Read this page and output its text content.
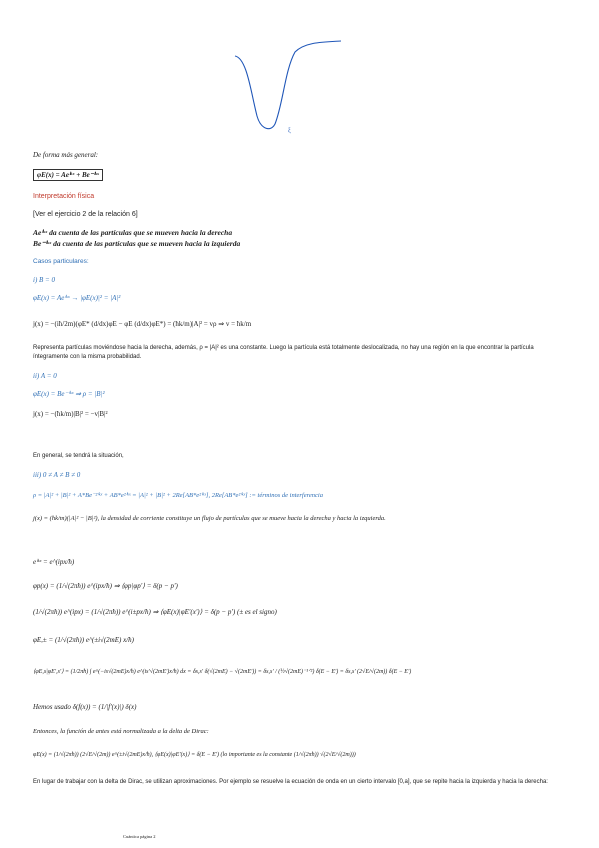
ξ
De forma más general:
φE(x) = Aeⁱᵏˣ + Be⁻ⁱᵏˣ
Interpretación física
[Ver el ejercicio 2 de la relación 6]
Aeⁱᵏˣ da cuenta de las partículas que se mueven hacia la derecha
Be⁻ⁱᵏˣ da cuenta de las partículas que se mueven hacia la izquierda
Casos particulares:
i) B = 0
φE(x) = Aeⁱᵏˣ → |φE(x)|² = |A|²
j(x) = −(iħ/2m)(φE* (d/dx)φE − φE (d/dx)φE*) = (ħk/m)|A|² = vρ ⇒ v = ħk/m
Representa partículas moviéndose hacia la derecha, además, ρ = |A|² es una constante. Luego la partícula está totalmente deslocalizada, no hay una región en la que encontrar la partícula íntegramente con la misma probabilidad.
ii) A = 0
φE(x) = Be⁻ⁱᵏˣ ⇒ ρ = |B|²
j(x) = −(ħk/m)|B|² = −v|B|²
En general, se tendrá la situación,
iii) 0 ≠ A ≠ B ≠ 0
ρ = |A|² + |B|² + A*Be⁻²ⁱᵏˣ + AB*e²ⁱᵏˣ = |A|² + |B|² + 2Re[AB*e²ⁱᵏˣ], 2Re[AB*e²ⁱᵏˣ] := términos de interferencia
j(x) = (ħk/m)(|A|² − |B|²), la densidad de corriente constituye un flujo de partículas que se mueve hacia la derecha y hacia la izquierda.
eⁱᵏˣ = e^(ipx/ħ)
φp(x) = (1/√(2πħ)) e^(ipx/ħ) ⇒ ⟨φp|φp'⟩ = δ(p − p')
(1/√(2πħ)) e^(ipx) = (1/√(2πħ)) e^(i±px/ħ) ⇒ ⟨φE(x)|φE'(x')⟩ = δ(p − p') (± es el signo)
φE,± = (1/√(2πħ)) e^(±i√(2mE) x/ħ)
⟨φE,s|φE',s'⟩ = (1/2πħ) ∫ e^(−is√(2mE)x/ħ) e^(is'√(2mE')x/ħ) dx = δs,s' δ(√(2mE) − √(2mE')) = δs,s' / (½√(2mE)⁻¹ᐟ²) δ(E − E') = δs,s' (2√E/√(2m)) δ(E − E')
Hemos usado δ(f(x)) = (1/|f'(x)|) δ(x)
Entonces, la función de antes está normalizada a la delta de Dirac:
φE(x) = (1/√(2πħ)) (2√E/√(2m)) e^(±i√(2mE)x/ħ), ⟨φE(x)|φE'(x)⟩ = δ(E − E') (lo importante es la constante (1/√(2πħ)) √(2√E/√(2m)))
En lugar de trabajar con la delta de Dirac, se utilizan aproximaciones. Por ejemplo se resuelve la ecuación de onda en un cierto intervalo [0,a], que se repite hacia la izquierda y hacia la derecha:
Cuántica página 2
